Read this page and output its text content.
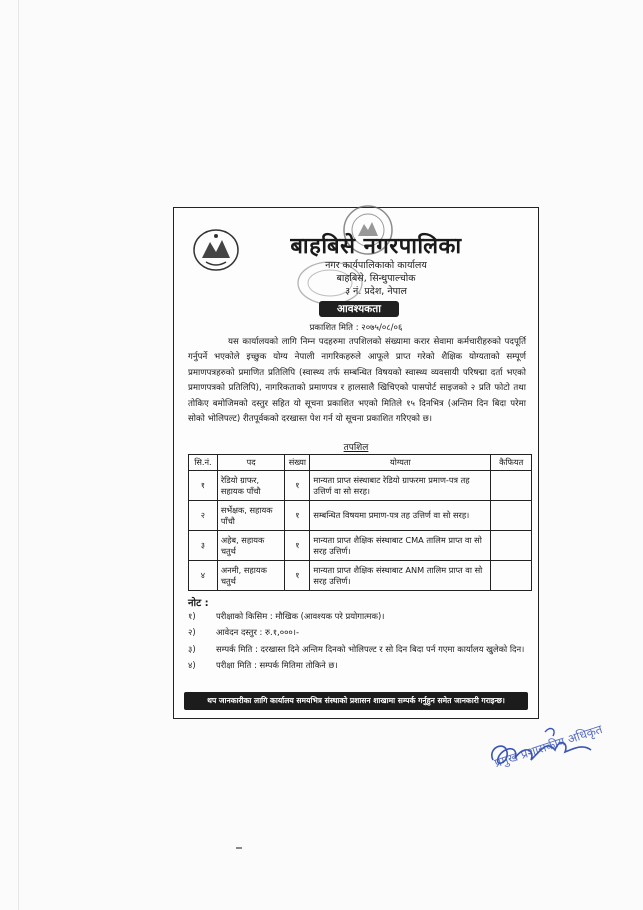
बाहबिसे नगरपालिका
नगर कार्यपालिकाको कार्यालय
बाहबिसे, सिन्धुपाल्चोक
३ नं. प्रदेश, नेपाल
आवश्यकता
प्रकाशित मिति : २०७५/०८/०६
यस कार्यालयको लागि निम्न पदहरुमा तपशिलको संख्यामा करार सेवामा कर्मचारीहरुको पदपूर्ति गर्नुपर्ने भएकोले इच्छुक योग्य नेपाली नागरिकहरुले आफूले प्राप्त गरेको शैक्षिक योग्यताको सम्पूर्ण प्रमाणपत्रहरुको प्रमाणित प्रतिलिपि (स्वास्थ्य तर्फ सम्बन्धित विषयको स्वास्थ्य व्यवसायी परिषद्मा दर्ता भएको प्रमाणपत्रको प्रतिलिपि), नागरिकताको प्रमाणपत्र र हालसालै खिचिएको पासपोर्ट साइजको २ प्रति फोटो तथा तोकिए बमोजिमको दस्तुर सहित यो सूचना प्रकाशित भएको मितिले १५ दिनभित्र (अन्तिम दिन बिदा परेमा सोको भोलिपल्ट) रीतपूर्वकको दरखास्त पेश गर्न यो सूचना प्रकाशित गरिएको छ।
तपशिल
सि.नं.	पद	संख्या	योग्यता	कैफियत
१	रेडियो ग्राफर, सहायक पाँचौ	१	मान्यता प्राप्त संस्थाबाट रेडियो ग्राफरमा प्रमाण-पत्र तह उत्तिर्ण वा सो सरह।	
२	सर्भेक्षक, सहायक पाँचौ	१	सम्बन्धित विषयमा प्रमाण-पत्र तह उत्तिर्ण वा सो सरह।	
३	अहेब, सहायक चतुर्थ	१	मान्यता प्राप्त शैक्षिक संस्थाबाट CMA तालिम प्राप्त वा सो सरह उत्तिर्ण।	
४	अनमी, सहायक चतुर्थ	१	मान्यता प्राप्त शैक्षिक संस्थाबाट ANM तालिम प्राप्त वा सो सरह उत्तिर्ण।	
नोट :
१)	परीक्षाको किसिम : मौखिक (आवश्यक परे प्रयोगात्मक)।
२)	आवेदन दस्तुर : रु.१,०००।-
३)	सम्पर्क मिति : दरखास्त दिने अन्तिम दिनको भोलिपल्ट र सो दिन बिदा पर्न गएमा कार्यालय खुलेको दिन।
४)	परीक्षा मिति : सम्पर्क मितिमा तोकिने छ।
थप जानकारीका लागि कार्यालय समयभित्र संस्थाको प्रशासन शाखामा सम्पर्क गर्नुहुन समेत जानकारी गराइन्छ।
प्रमुख प्रशासकीय अधिकृत
